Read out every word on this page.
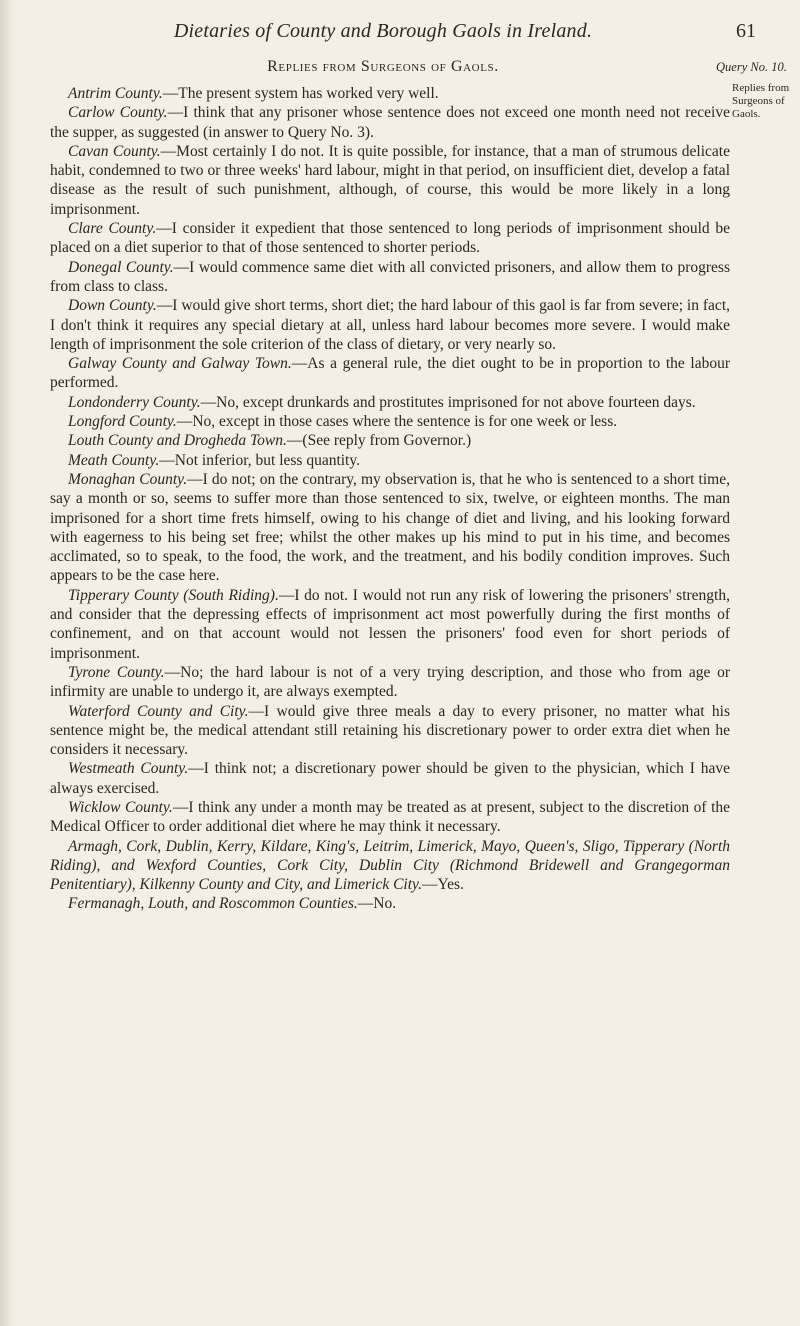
Dietaries of County and Borough Gaols in Ireland.	61
Replies from Surgeons of Gaols.	Query No. 10.
Replies from Surgeons of Gaols.

Antrim County.—The present system has worked very well.

Carlow County.—I think that any prisoner whose sentence does not exceed one month need not receive the supper, as suggested (in answer to Query No. 3).

Cavan County.—Most certainly I do not. It is quite possible, for instance, that a man of strumous delicate habit, condemned to two or three weeks' hard labour, might in that period, on insufficient diet, develop a fatal disease as the result of such punishment, although, of course, this would be more likely in a long imprisonment.

Clare County.—I consider it expedient that those sentenced to long periods of imprisonment should be placed on a diet superior to that of those sentenced to shorter periods.

Donegal County.—I would commence same diet with all convicted prisoners, and allow them to progress from class to class.

Down County.—I would give short terms, short diet; the hard labour of this gaol is far from severe; in fact, I don't think it requires any special dietary at all, unless hard labour becomes more severe. I would make length of imprisonment the sole criterion of the class of dietary, or very nearly so.

Galway County and Galway Town.—As a general rule, the diet ought to be in proportion to the labour performed.

Londonderry County.—No, except drunkards and prostitutes imprisoned for not above fourteen days.

Longford County.—No, except in those cases where the sentence is for one week or less.

Louth County and Drogheda Town.—(See reply from Governor.)

Meath County.—Not inferior, but less quantity.

Monaghan County.—I do not; on the contrary, my observation is, that he who is sentenced to a short time, say a month or so, seems to suffer more than those sentenced to six, twelve, or eighteen months. The man imprisoned for a short time frets himself, owing to his change of diet and living, and his looking forward with eagerness to his being set free; whilst the other makes up his mind to put in his time, and becomes acclimated, so to speak, to the food, the work, and the treatment, and his bodily condition improves. Such appears to be the case here.

Tipperary County (South Riding).—I do not. I would not run any risk of lowering the prisoners' strength, and consider that the depressing effects of imprisonment act most powerfully during the first months of confinement, and on that account would not lessen the prisoners' food even for short periods of imprisonment.

Tyrone County.—No; the hard labour is not of a very trying description, and those who from age or infirmity are unable to undergo it, are always exempted.

Waterford County and City.—I would give three meals a day to every prisoner, no matter what his sentence might be, the medical attendant still retaining his discretionary power to order extra diet when he considers it necessary.

Westmeath County.—I think not; a discretionary power should be given to the physician, which I have always exercised.

Wicklow County.—I think any under a month may be treated as at present, subject to the discretion of the Medical Officer to order additional diet where he may think it necessary.

Armagh, Cork, Dublin, Kerry, Kildare, King's, Leitrim, Limerick, Mayo, Queen's, Sligo, Tipperary (North Riding), and Wexford Counties, Cork City, Dublin City (Richmond Bridewell and Grangegorman Penitentiary), Kilkenny County and City, and Limerick City.—Yes.

Fermanagh, Louth, and Roscommon Counties.—No.
